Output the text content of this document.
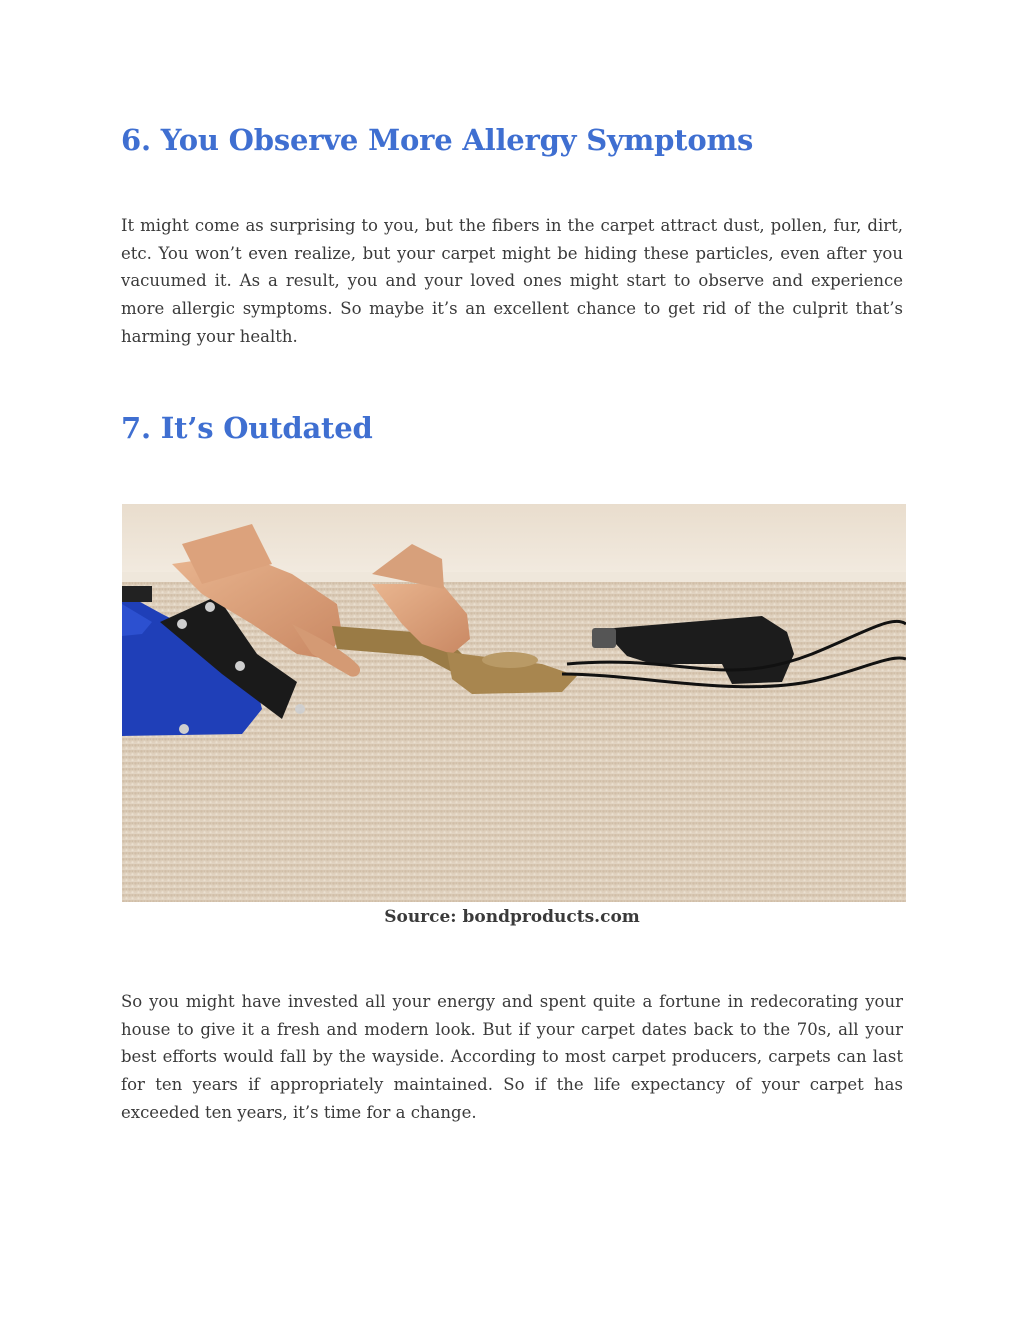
6. You Observe More Allergy Symptoms

It might come as surprising to you, but the fibers in the carpet attract dust, pollen, fur, dirt, etc. You won’t even realize, but your carpet might be hiding these particles, even after you vacuumed it. As a result, you and your loved ones might start to observe and experience more allergic symptoms. So maybe it’s an excellent chance to get rid of the culprit that’s harming your health.

7. It’s Outdated

Source: bondproducts.com

So you might have invested all your energy and spent quite a fortune in redecorating your house to give it a fresh and modern look. But if your carpet dates back to the 70s, all your best efforts would fall by the wayside. According to most carpet producers, carpets can last for ten years if appropriately maintained. So if the life expectancy of your carpet has exceeded ten years, it’s time for a change.
